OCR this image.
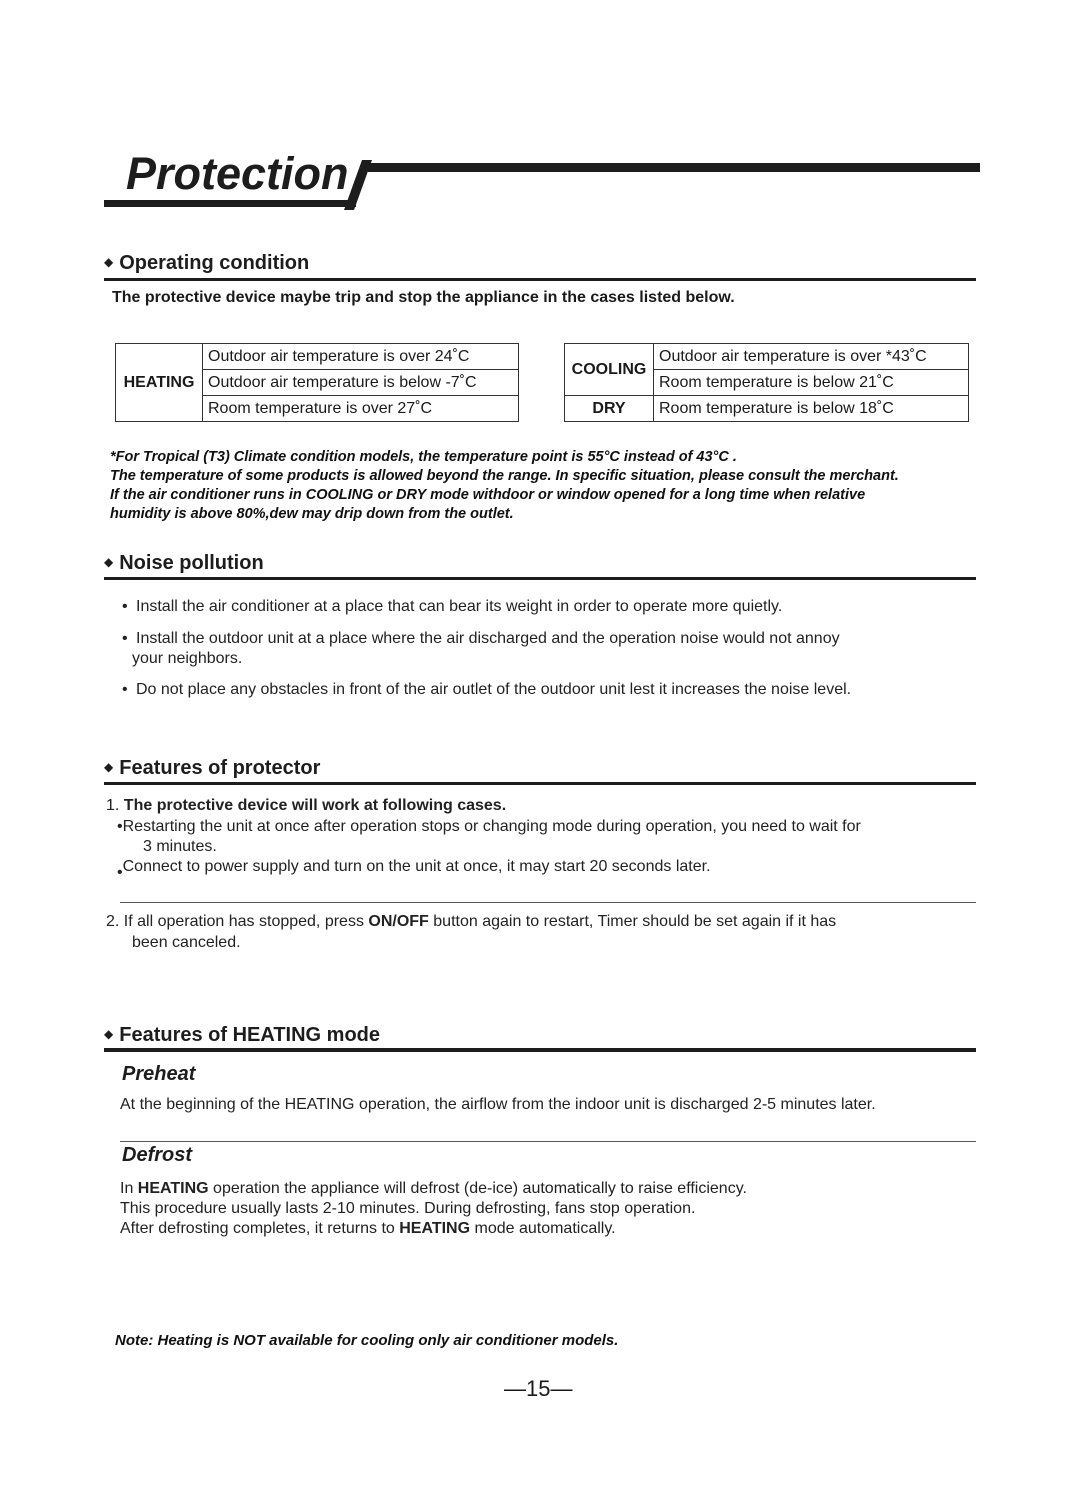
Protection
◆ Operating condition
The protective device maybe trip and stop the appliance in the cases listed below.
HEATING	Outdoor air temperature is over 24˚C
Outdoor air temperature is below -7˚C
Room temperature is over 27˚C
COOLING	Outdoor air temperature is over *43˚C
	Room temperature is below 21˚C
DRY	Room temperature is below 18˚C
*For Tropical (T3) Climate condition models, the temperature point is 55°C instead of 43°C .
The temperature of some products is allowed beyond the range. In specific situation, please consult the merchant.
If the air conditioner runs in COOLING or DRY mode withdoor or window opened for a long time when relative
humidity is above 80%,dew may drip down from the outlet.
◆ Noise pollution
• Install the air conditioner at a place that can bear its weight in order to operate more quietly.
• Install the outdoor unit at a place where the air discharged and the operation noise would not annoy
your neighbors.
• Do not place any obstacles in front of the air outlet of the outdoor unit lest it increases the noise level.
◆ Features of protector
1. The protective device will work at following cases.
•Restarting the unit at once after operation stops or changing mode during operation, you need to wait for
3 minutes.
•Connect to power supply and turn on the unit at once, it may start 20 seconds later.
2. If all operation has stopped, press ON/OFF button again to restart, Timer should be set again if it has
been canceled.
◆ Features of HEATING mode
Preheat
At the beginning of the HEATING operation, the airflow from the indoor unit is discharged 2-5 minutes later.
Defrost
In HEATING operation the appliance will defrost (de-ice) automatically to raise efficiency.
This procedure usually lasts 2-10 minutes. During defrosting, fans stop operation.
After defrosting completes, it returns to HEATING mode automatically.
Note: Heating is NOT available for cooling only air conditioner models.
—15—
